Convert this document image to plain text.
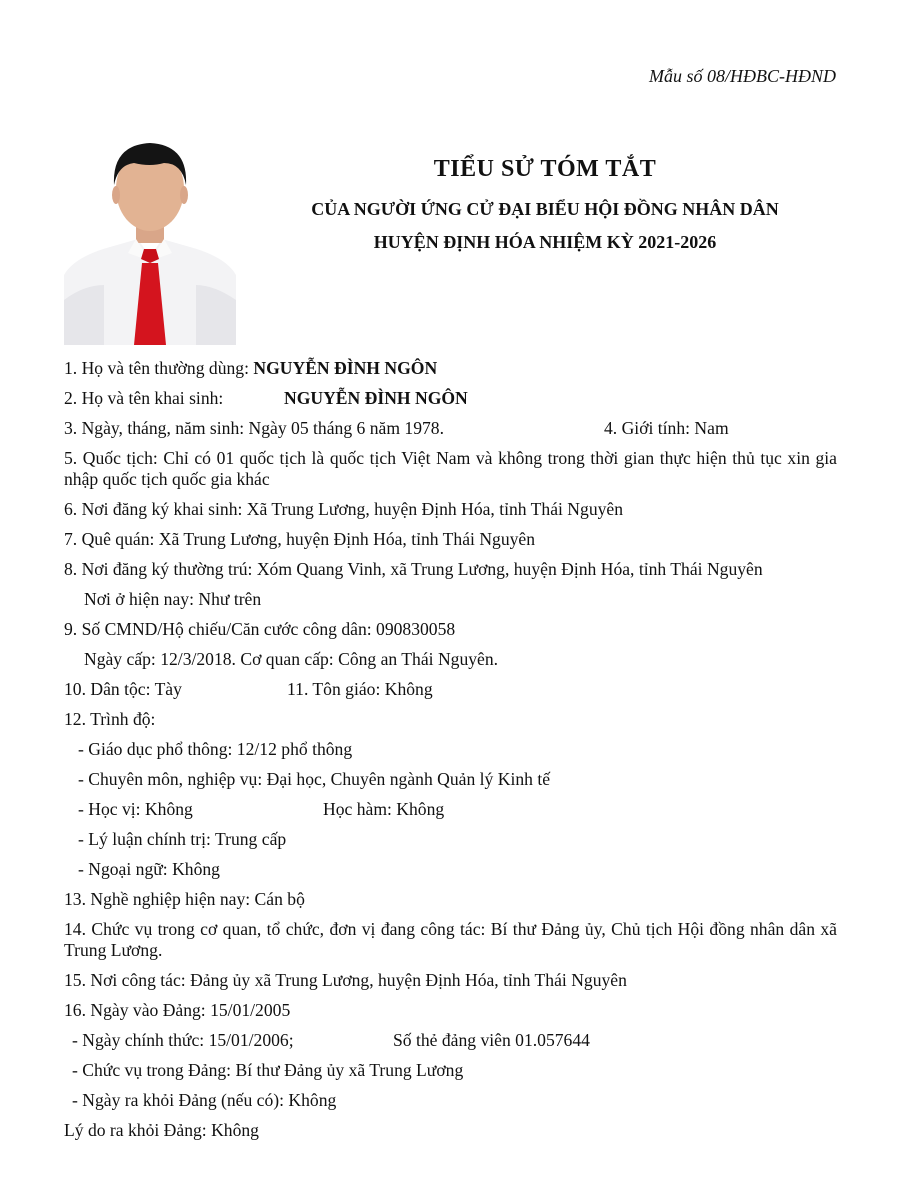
Mẫu số 08/HĐBC-HĐND
TIỂU SỬ TÓM TẮT
CỦA NGƯỜI ỨNG CỬ ĐẠI BIỂU HỘI ĐỒNG NHÂN DÂN
HUYỆN ĐỊNH HÓA NHIỆM KỲ 2021-2026
1. Họ và tên thường dùng: NGUYỄN ĐÌNH NGÔN
2. Họ và tên khai sinh:	NGUYỄN ĐÌNH NGÔN
3. Ngày, tháng, năm sinh: Ngày 05 tháng 6 năm 1978.	4. Giới tính: Nam
5. Quốc tịch: Chỉ có 01 quốc tịch là quốc tịch Việt Nam và không trong thời gian thực hiện thủ tục xin gia nhập quốc tịch quốc gia khác
6. Nơi đăng ký khai sinh: Xã Trung Lương, huyện Định Hóa, tỉnh Thái Nguyên
7. Quê quán: Xã Trung Lương, huyện Định Hóa, tỉnh Thái Nguyên
8. Nơi đăng ký thường trú: Xóm Quang Vinh, xã Trung Lương, huyện Định Hóa, tỉnh Thái Nguyên
Nơi ở hiện nay: Như trên
9. Số CMND/Hộ chiếu/Căn cước công dân: 090830058
Ngày cấp: 12/3/2018. Cơ quan cấp: Công an Thái Nguyên.
10. Dân tộc: Tày	11. Tôn giáo: Không
12. Trình độ:
- Giáo dục phổ thông: 12/12 phổ thông
- Chuyên môn, nghiệp vụ: Đại học, Chuyên ngành Quản lý Kinh tế
- Học vị: Không	Học hàm: Không
- Lý luận chính trị: Trung cấp
- Ngoại ngữ: Không
13. Nghề nghiệp hiện nay: Cán bộ
14. Chức vụ trong cơ quan, tổ chức, đơn vị đang công tác: Bí thư Đảng ủy, Chủ tịch Hội đồng nhân dân xã Trung Lương.
15. Nơi công tác: Đảng ủy xã Trung Lương, huyện Định Hóa, tỉnh Thái Nguyên
16. Ngày vào Đảng: 15/01/2005
- Ngày chính thức: 15/01/2006;	Số thẻ đảng viên 01.057644
- Chức vụ trong Đảng: Bí thư Đảng ủy xã Trung Lương
- Ngày ra khỏi Đảng (nếu có): Không
Lý do ra khỏi Đảng: Không
